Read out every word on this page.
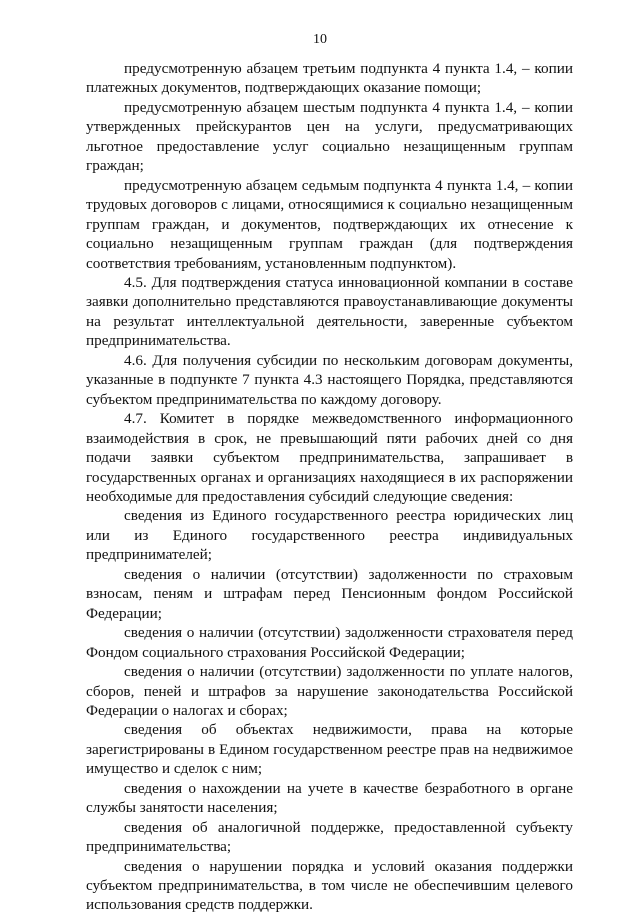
10

предусмотренную абзацем третьим подпункта 4 пункта 1.4, – копии платежных документов, подтверждающих оказание помощи;

предусмотренную абзацем шестым подпункта 4 пункта 1.4, – копии утвержденных прейскурантов цен на услуги, предусматривающих льготное предоставление услуг социально незащищенным группам граждан;

предусмотренную абзацем седьмым подпункта 4 пункта 1.4, – копии трудовых договоров с лицами, относящимися к социально незащищенным группам граждан, и документов, подтверждающих их отнесение к социально незащищенным группам граждан (для подтверждения соответствия требованиям, установленным подпунктом).

4.5. Для подтверждения статуса инновационной компании в составе заявки дополнительно представляются правоустанавливающие документы на результат интеллектуальной деятельности, заверенные субъектом предпринимательства.

4.6. Для получения субсидии по нескольким договорам документы, указанные в подпункте 7 пункта 4.3 настоящего Порядка, представляются субъектом предпринимательства по каждому договору.

4.7. Комитет в порядке межведомственного информационного взаимодействия в срок, не превышающий пяти рабочих дней со дня подачи заявки субъектом предпринимательства, запрашивает в государственных органах и организациях находящиеся в их распоряжении необходимые для предоставления субсидий следующие сведения:

сведения из Единого государственного реестра юридических лиц или из Единого государственного реестра индивидуальных предпринимателей;

сведения о наличии (отсутствии) задолженности по страховым взносам, пеням и штрафам перед Пенсионным фондом Российской Федерации;

сведения о наличии (отсутствии) задолженности страхователя перед Фондом социального страхования Российской Федерации;

сведения о наличии (отсутствии) задолженности по уплате налогов, сборов, пеней и штрафов за нарушение законодательства Российской Федерации о налогах и сборах;

сведения об объектах недвижимости, права на которые зарегистрированы в Едином государственном реестре прав на недвижимое имущество и сделок с ним;

сведения о нахождении на учете в качестве безработного в органе службы занятости населения;

сведения об аналогичной поддержке, предоставленной субъекту предпринимательства;

сведения о нарушении порядка и условий оказания поддержки субъектом предпринимательства, в том числе не обеспечившим целевого использования средств поддержки.
